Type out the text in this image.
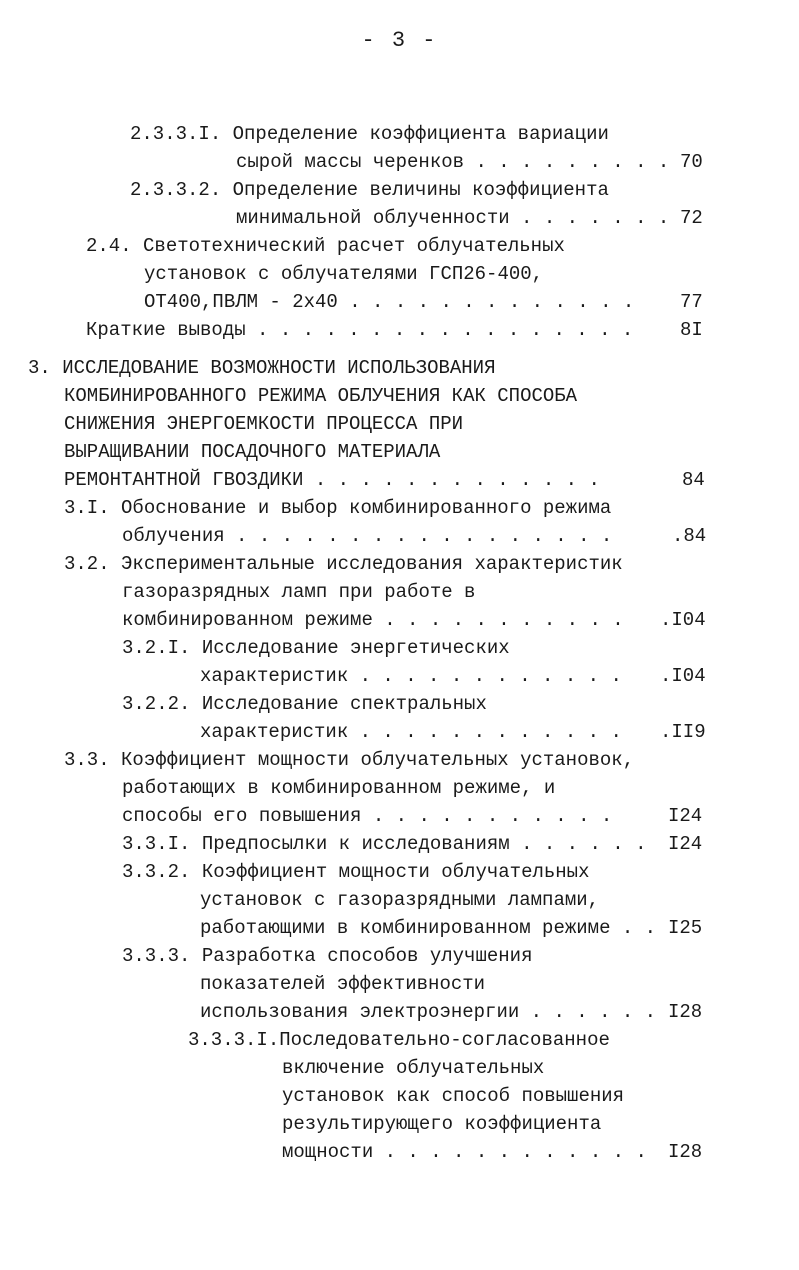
- 3 -
2.3.3.I. Определение коэффициента вариации
сырой массы черенков . . . . . . . . . 70
2.3.3.2. Определение величины коэффициента
минимальной облученности . . . . . . . 72
2.4. Светотехнический расчет облучательных
установок с облучателями ГСП26-400,
ОТ400,ПВЛМ - 2х40 . . . . . . . . . . . . . 77
Краткие выводы . . . . . . . . . . . . . . . . . 8I
3. ИССЛЕДОВАНИЕ ВОЗМОЖНОСТИ ИСПОЛЬЗОВАНИЯ
КОМБИНИРОВАННОГО РЕЖИМА ОБЛУЧЕНИЯ КАК СПОСОБА
СНИЖЕНИЯ ЭНЕРГОЕМКОСТИ ПРОЦЕССА ПРИ
ВЫРАЩИВАНИИ ПОСАДОЧНОГО МАТЕРИАЛА
РЕМОНТАНТНОЙ ГВОЗДИКИ . . . . . . . . . . . . .	84
3.I. Обоснование и выбор комбинированного режима
облучения . . . . . . . . . . . . . . . . .	.84
3.2. Экспериментальные исследования характеристик
газоразрядных ламп при работе в
комбинированном режиме . . . . . . . . . . . .I04
3.2.I. Исследование энергетических
характеристик . . . . . . . . . . . . .I04
3.2.2. Исследование спектральных
характеристик . . . . . . . . . . . . .II9
3.3. Коэффициент мощности облучательных установок,
работающих в комбинированном режиме, и
способы его повышения . . . . . . . . . . .	I24
3.3.I. Предпосылки к исследованиям . . . . . . I24
3.3.2. Коэффициент мощности облучательных
установок с газоразрядными лампами,
работающими в комбинированном режиме . . I25
3.3.3. Разработка способов улучшения
показателей эффективности
использования электроэнергии . . . . . . I28
3.3.3.I.Последовательно-согласованное
включение облучательных
установок как способ повышения
результирующего коэффициента
мощности . . . . . . . . . . . . I28
